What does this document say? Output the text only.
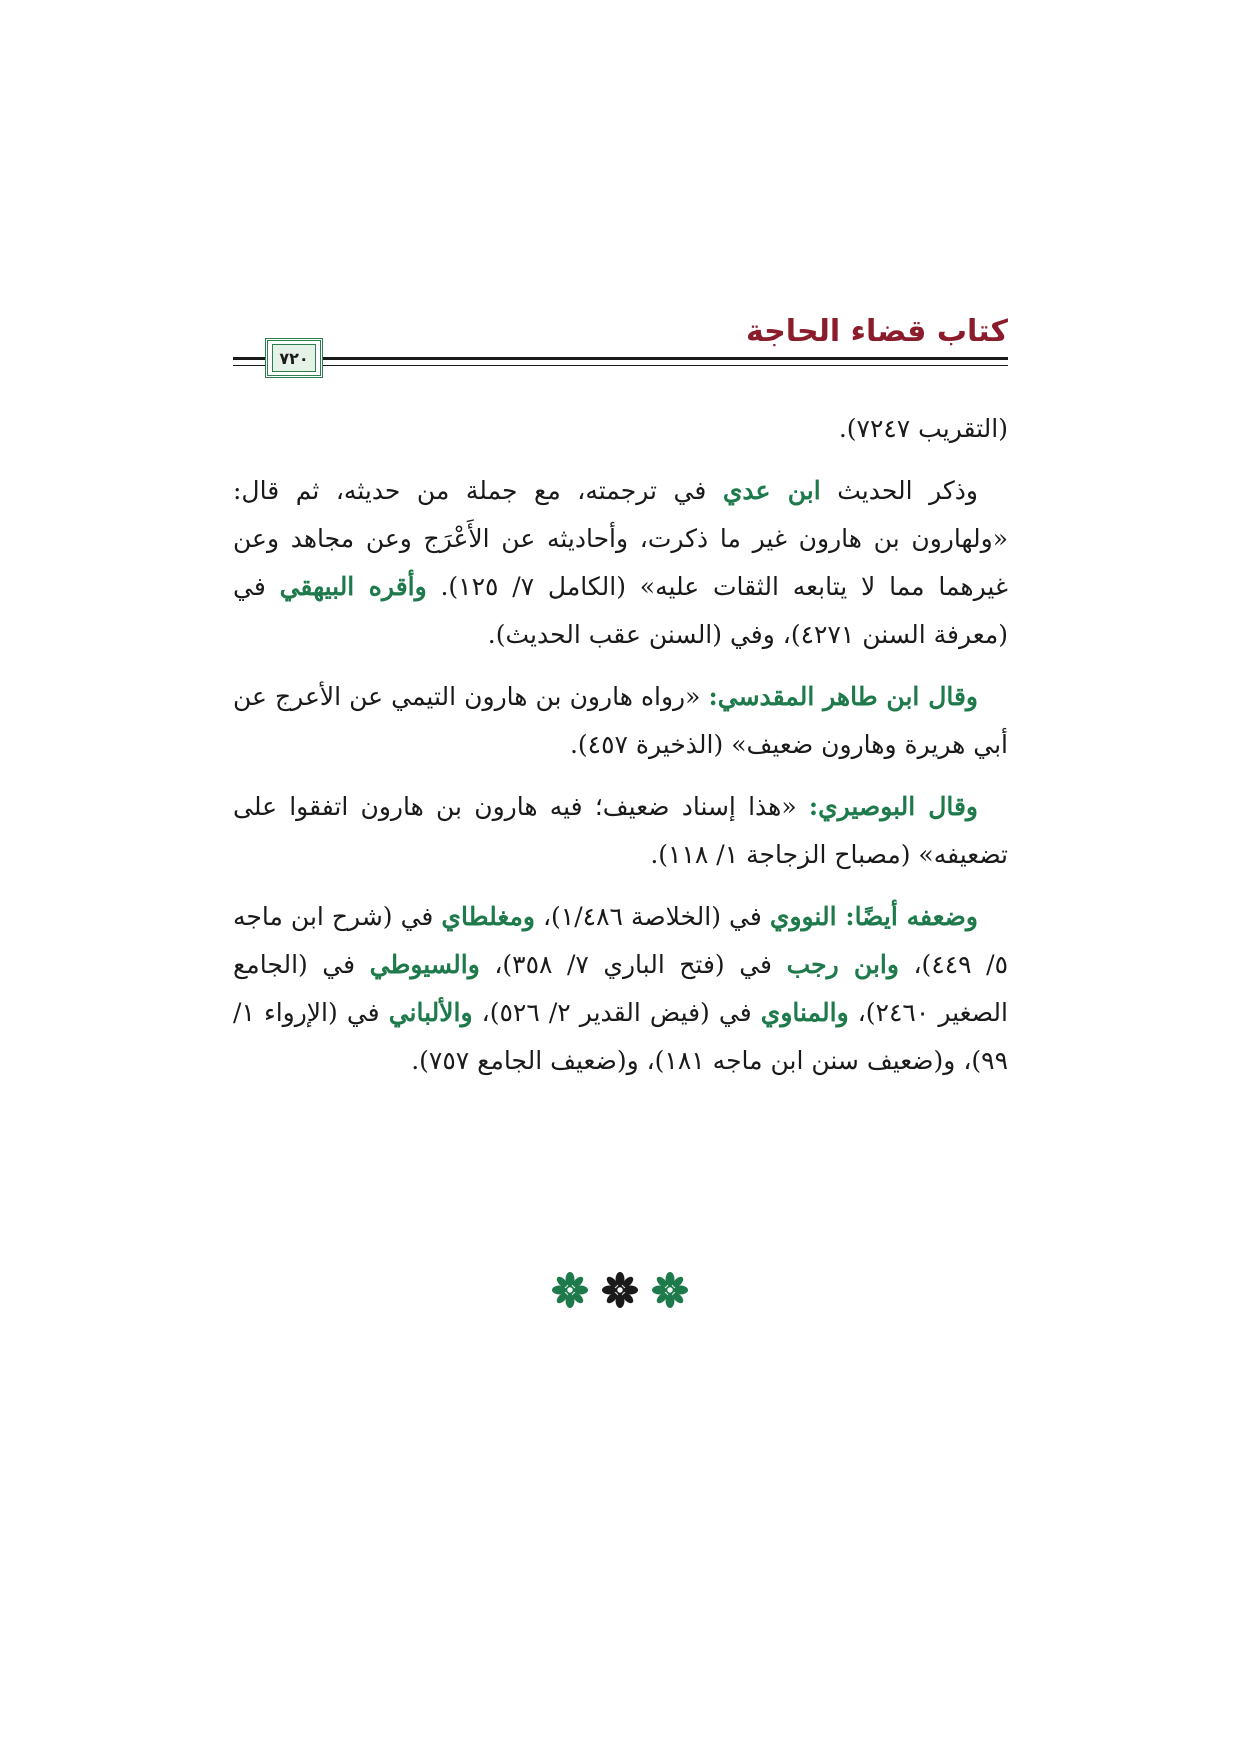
كتاب قضاء الحاجة
٧٢٠

(التقريب ٧٢٤٧).

وذكر الحديث ابن عدي في ترجمته، مع جملة من حديثه، ثم قال: «ولهارون بن هارون غير ما ذكرت، وأحاديثه عن الأَعْرَج وعن مجاهد وعن غيرهما مما لا يتابعه الثقات عليه» (الكامل ٧/ ١٢٥). وأقره البيهقي في (معرفة السنن ٤٢٧١)، وفي (السنن عقب الحديث).

وقال ابن طاهر المقدسي: «رواه هارون بن هارون التيمي عن الأعرج عن أبي هريرة وهارون ضعيف» (الذخيرة ٤٥٧).

وقال البوصيري: «هذا إسناد ضعيف؛ فيه هارون بن هارون اتفقوا على تضعيفه» (مصباح الزجاجة ١/ ١١٨).

وضعفه أيضًا: النووي في (الخلاصة ١/٤٨٦)، ومغلطاي في (شرح ابن ماجه ٥/ ٤٤٩)، وابن رجب في (فتح الباري ٧/ ٣٥٨)، والسيوطي في (الجامع الصغير ٢٤٦٠)، والمناوي في (فيض القدير ٢/ ٥٢٦)، والألباني في (الإرواء ١/ ٩٩)، و(ضعيف سنن ابن ماجه ١٨١)، و(ضعيف الجامع ٧٥٧).
